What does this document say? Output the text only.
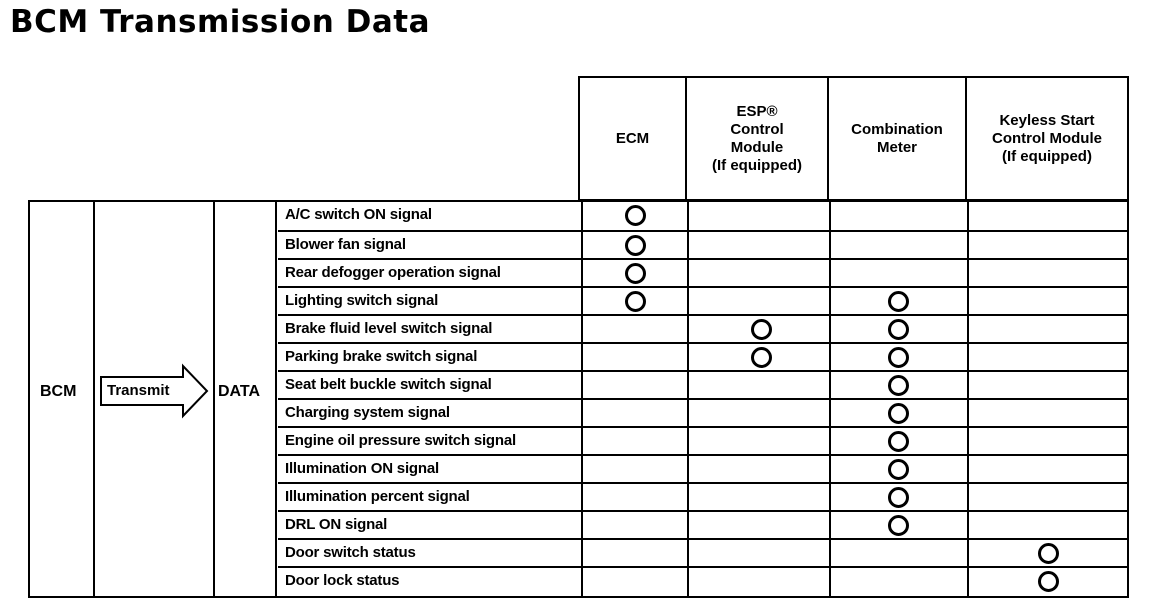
BCM Transmission Data
ECM
ESP®
Control
Module
(If equipped)
Combination
Meter
Keyless Start
Control Module
(If equipped)
BCM Transmit	DATA
A/C switch ON signal
Blower fan signal
Rear defogger operation signal
Lighting switch signal
Brake fluid level switch signal
Parking brake switch signal
Seat belt buckle switch signal
Charging system signal
Engine oil pressure switch signal
Illumination ON signal
Illumination percent signal
DRL ON signal
Door switch status
Door lock status
